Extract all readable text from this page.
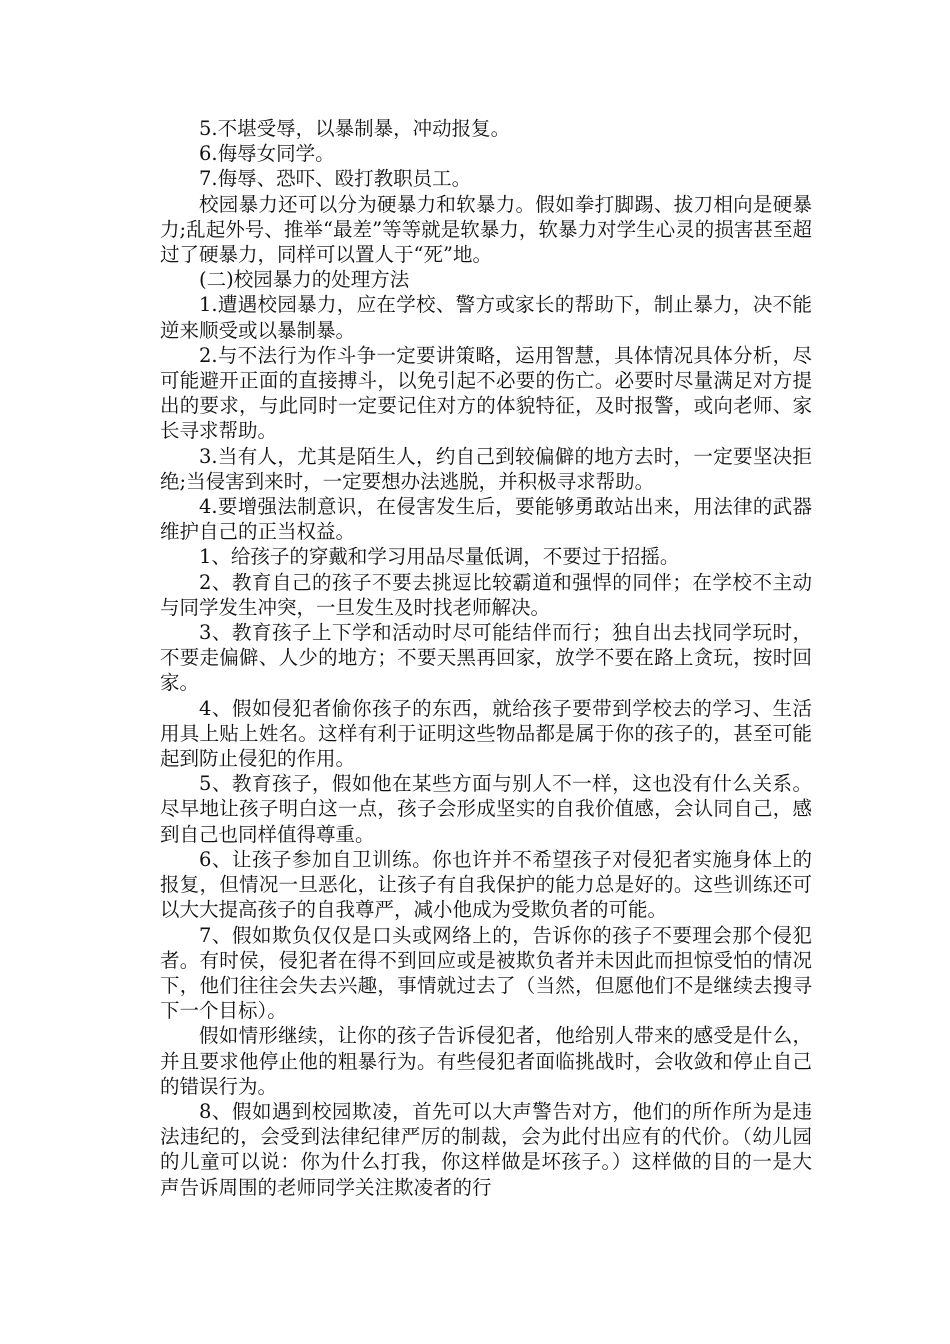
5.不堪受辱，以暴制暴，冲动报复。

6.侮辱女同学。

7.侮辱、恐吓、殴打教职员工。

校园暴力还可以分为硬暴力和软暴力。假如拳打脚踢、拔刀相向是硬暴力;乱起外号、推举“最差”等等就是软暴力，软暴力对学生心灵的损害甚至超过了硬暴力，同样可以置人于“死”地。

(二)校园暴力的处理方法

1.遭遇校园暴力，应在学校、警方或家长的帮助下，制止暴力，决不能逆来顺受或以暴制暴。

2.与不法行为作斗争一定要讲策略，运用智慧，具体情况具体分析，尽可能避开正面的直接搏斗，以免引起不必要的伤亡。必要时尽量满足对方提出的要求，与此同时一定要记住对方的体貌特征，及时报警，或向老师、家长寻求帮助。

3.当有人，尤其是陌生人，约自己到较偏僻的地方去时，一定要坚决拒绝;当侵害到来时，一定要想办法逃脱，并积极寻求帮助。

4.要增强法制意识，在侵害发生后，要能够勇敢站出来，用法律的武器维护自己的正当权益。

1、给孩子的穿戴和学习用品尽量低调，不要过于招摇。

2、教育自己的孩子不要去挑逗比较霸道和强悍的同伴；在学校不主动与同学发生冲突，一旦发生及时找老师解决。

3、教育孩子上下学和活动时尽可能结伴而行；独自出去找同学玩时，不要走偏僻、人少的地方；不要天黑再回家，放学不要在路上贪玩，按时回家。

4、假如侵犯者偷你孩子的东西，就给孩子要带到学校去的学习、生活用具上贴上姓名。这样有利于证明这些物品都是属于你的孩子的，甚至可能起到防止侵犯的作用。

5、教育孩子，假如他在某些方面与别人不一样，这也没有什么关系。尽早地让孩子明白这一点，孩子会形成坚实的自我价值感，会认同自己，感到自己也同样值得尊重。

6、让孩子参加自卫训练。你也许并不希望孩子对侵犯者实施身体上的报复，但情况一旦恶化，让孩子有自我保护的能力总是好的。这些训练还可以大大提高孩子的自我尊严，减小他成为受欺负者的可能。

7、假如欺负仅仅是口头或网络上的，告诉你的孩子不要理会那个侵犯者。有时侯，侵犯者在得不到回应或是被欺负者并未因此而担惊受怕的情况下，他们往往会失去兴趣，事情就过去了（当然，但愿他们不是继续去搜寻下一个目标）。

假如情形继续，让你的孩子告诉侵犯者，他给别人带来的感受是什么，并且要求他停止他的粗暴行为。有些侵犯者面临挑战时，会收敛和停止自己的错误行为。

8、假如遇到校园欺凌，首先可以大声警告对方，他们的所作所为是违法违纪的，会受到法律纪律严厉的制裁，会为此付出应有的代价。（幼儿园的儿童可以说：你为什么打我，你这样做是坏孩子。）这样做的目的一是大声告诉周围的老师同学关注欺凌者的行
